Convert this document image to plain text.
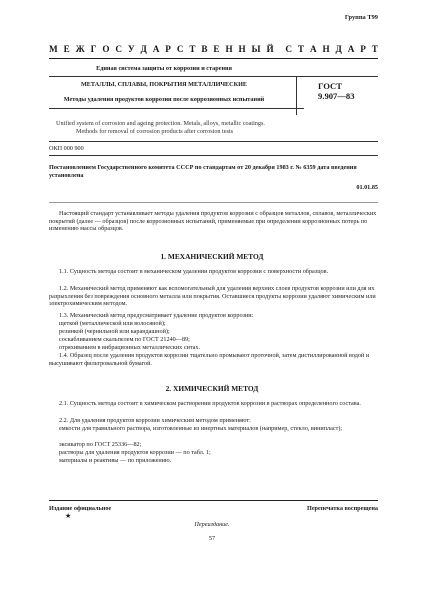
Группа Т99
М Е Ж Г О С У Д А Р С Т В Е Н Н Ы Й С Т А Н Д А Р Т
Единая система защиты от коррозии и старения
МЕТАЛЛЫ, СПЛАВЫ, ПОКРЫТИЯ МЕТАЛЛИЧЕСКИЕ
Методы удаления продуктов коррозии после коррозионных испытаний
ГОСТ
9.907—83
Unified system of corrosion and ageing protection. Metals, alloys, metallic coatings.
Methods for removal of corrosion products after corrosion tests
ОКП 000 900
Постановлением Государственного комитета СССР по стандартам от 20 декабря 1983 г. № 6359 дата введения установлена
01.01.85
Настоящий стандарт устанавливает методы удаления продуктов коррозии с образцов металлов, сплавов, металлических покрытий (далее — образцов) после коррозионных испытаний, применяемые при определении коррозионных потерь по изменению массы образцов.
1. МЕХАНИЧЕСКИЙ МЕТОД
1.1. Сущность метода состоит в механическом удалении продуктов коррозии с поверхности образцов.
1.2. Механический метод применяют как вспомогательный для удаления верхних слоев продуктов коррозии или для их разрыхления без повреждения основного металла или покрытия. Оставшиеся продукты коррозии удаляют химическим или электрохимическим методом.
1.3. Механический метод предусматривает удаление продуктов коррозии:
щеткой (металлической или волосяной);
резинкой (чернильной или карандашной);
соскабливанием скальпелем по ГОСТ 21240—89;
отряхиванием в вибрационных металлических ситах.
1.4. Образец после удаления продуктов коррозии тщательно промывают проточной, затем дистиллированной водой и высушивают фильтровальной бумагой.
2. ХИМИЧЕСКИЙ МЕТОД
2.1. Сущность метода состоит в химическом растворении продуктов коррозии в растворах определенного состава.
2.2. Для удаления продуктов коррозии химическим методом применяют:
емкости для травильного раствора, изготовленные из инертных материалов (например, стекло, винипласт);
эксикатор по ГОСТ 25336—82;
растворы для удаления продуктов коррозии — по табл. 1;
материалы и реактивы — по приложению.
Издание официальное
★
Перепечатка воспрещена
Переиздание.
57
